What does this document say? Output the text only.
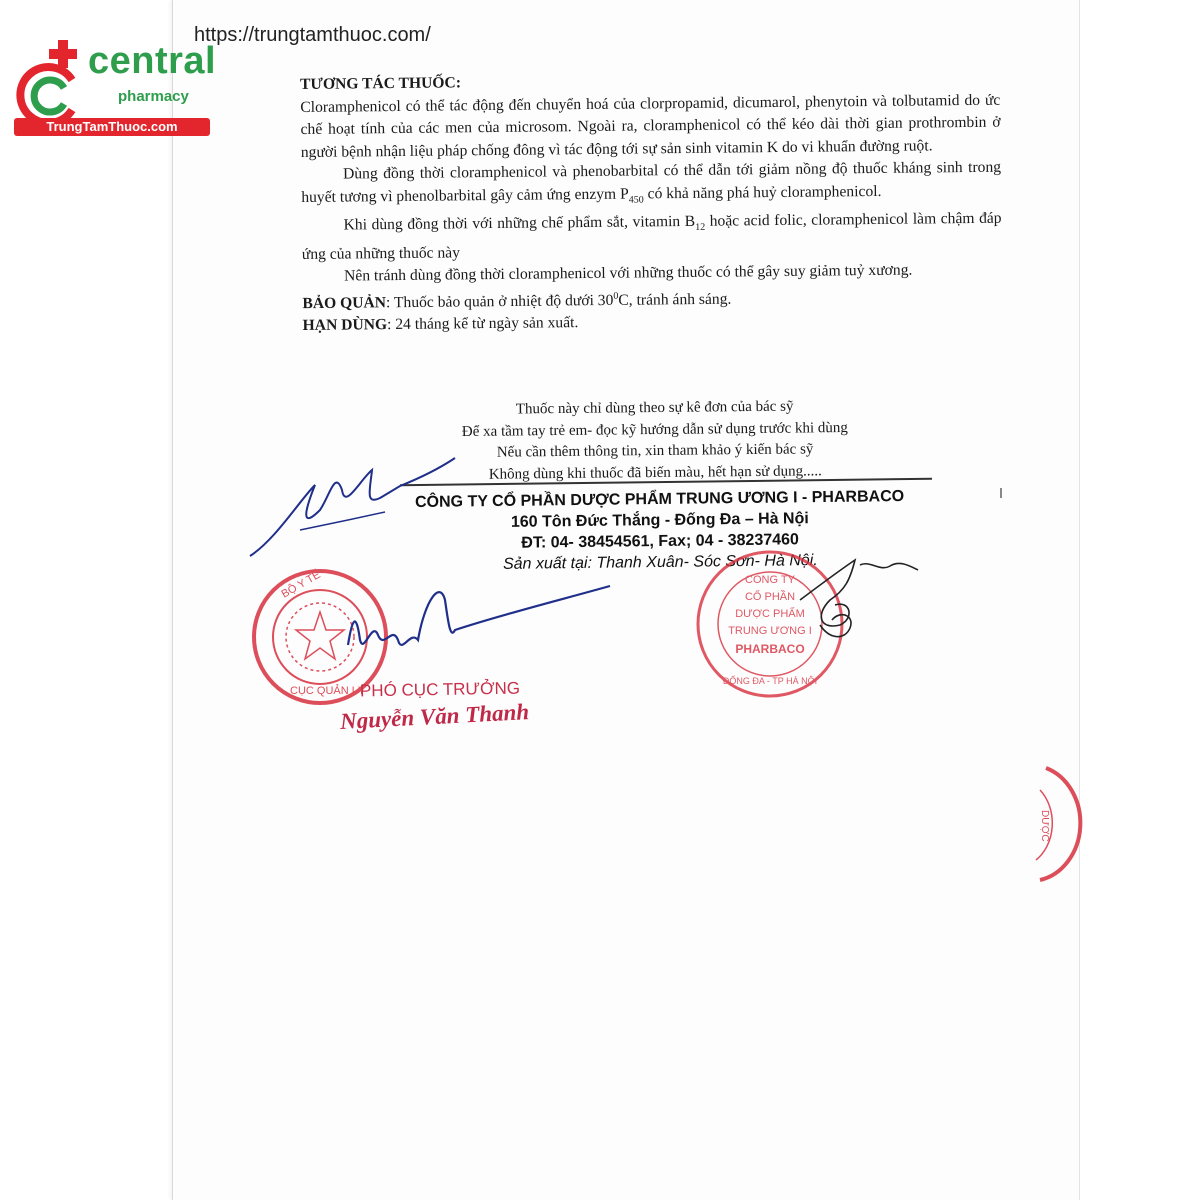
central
pharmacy
TrungTamThuoc.com
https://trungtamthuoc.com/

TƯƠNG TÁC THUỐC:

Cloramphenicol có thể tác động đến chuyển hoá của clorpropamid, dicumarol, phenytoin và tolbutamid do ức chế hoạt tính của các men của microsom. Ngoài ra, cloramphenicol có thể kéo dài thời gian prothrombin ở người bệnh nhận liệu pháp chống đông vì tác động tới sự sản sinh vitamin K do vi khuẩn đường ruột.

Dùng đồng thời cloramphenicol và phenobarbital có thể dẫn tới giảm nồng độ thuốc kháng sinh trong huyết tương vì phenolbarbital gây cảm ứng enzym $P_{450}$ có khả năng phá huỷ cloramphenicol.

Khi dùng đồng thời với những chế phẩm sắt, vitamin $B_{12}$ hoặc acid folic, cloramphenicol làm chậm đáp ứng của những thuốc này

Nên tránh dùng đồng thời cloramphenicol với những thuốc có thể gây suy giảm tuỷ xương.

BẢO QUẢN: Thuốc bảo quản ở nhiệt độ dưới $30^0C$, tránh ánh sáng.

HẠN DÙNG: 24 tháng kể từ ngày sản xuất.

Thuốc này chỉ dùng theo sự kê đơn của bác sỹ
Để xa tầm tay trẻ em- đọc kỹ hướng dẫn sử dụng trước khi dùng
Nếu cần thêm thông tin, xin tham khảo ý kiến bác sỹ
Không dùng khi thuốc đã biến màu, hết hạn sử dụng.....
CÔNG TY CỔ PHẦN DƯỢC PHẨM TRUNG ƯƠNG I - PHARBACO
160 Tôn Đức Thắng - Đống Đa – Hà Nội
ĐT: 04- 38454561, Fax; 04 - 38237460
Sản xuất tại: Thanh Xuân- Sóc Sơn- Hà Nội.
BỘ Y TẾ
CỤC QUẢN LÝ
CÔNG TY
CỔ PHẦN
DƯỢC PHẨM
TRUNG ƯƠNG I
PHARBACO
ĐỐNG ĐA - TP HÀ NỘI
DƯỢC
PHÓ CỤC TRƯỞNG
Nguyễn Văn Thanh
